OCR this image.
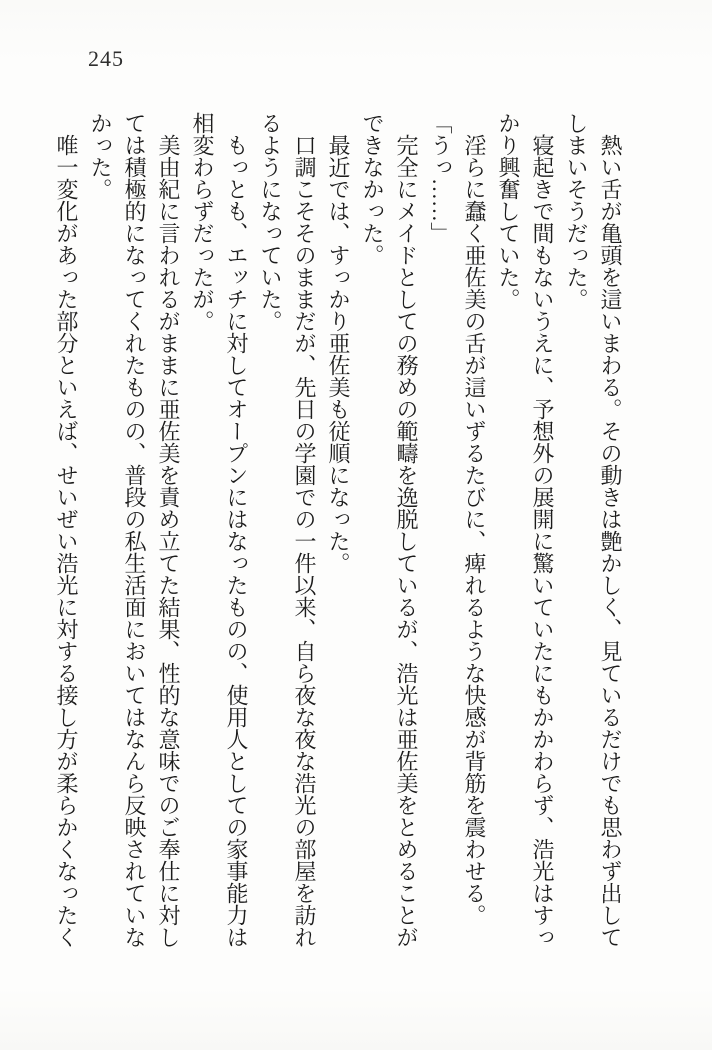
245

　熱い舌が亀頭を這いまわる。その動きは艶かしく、見ているだけでも思わず出してしまいそうだった。

　寝起きで間もないうえに、予想外の展開に驚いていたにもかかわらず、浩光はすっかり興奮していた。

　淫らに蠢く亜佐美の舌が這いずるたびに、痺れるような快感が背筋を震わせる。

「うっ……」

　完全にメイドとしての務めの範疇を逸脱しているが、浩光は亜佐美をとめることができなかった。

　最近では、すっかり亜佐美も従順になった。

　口調こそそのままだが、先日の学園での一件以来、自ら夜な夜な浩光の部屋を訪れるようになっていた。

　もっとも、エッチに対してオープンにはなったものの、使用人としての家事能力は相変わらずだったが。

　美由紀に言われるがままに亜佐美を責め立てた結果、性的な意味でのご奉仕に対しては積極的になってくれたものの、普段の私生活面においてはなんら反映されていなかった。

　唯一変化があった部分といえば、せいぜい浩光に対する接し方が柔らかくなったく
